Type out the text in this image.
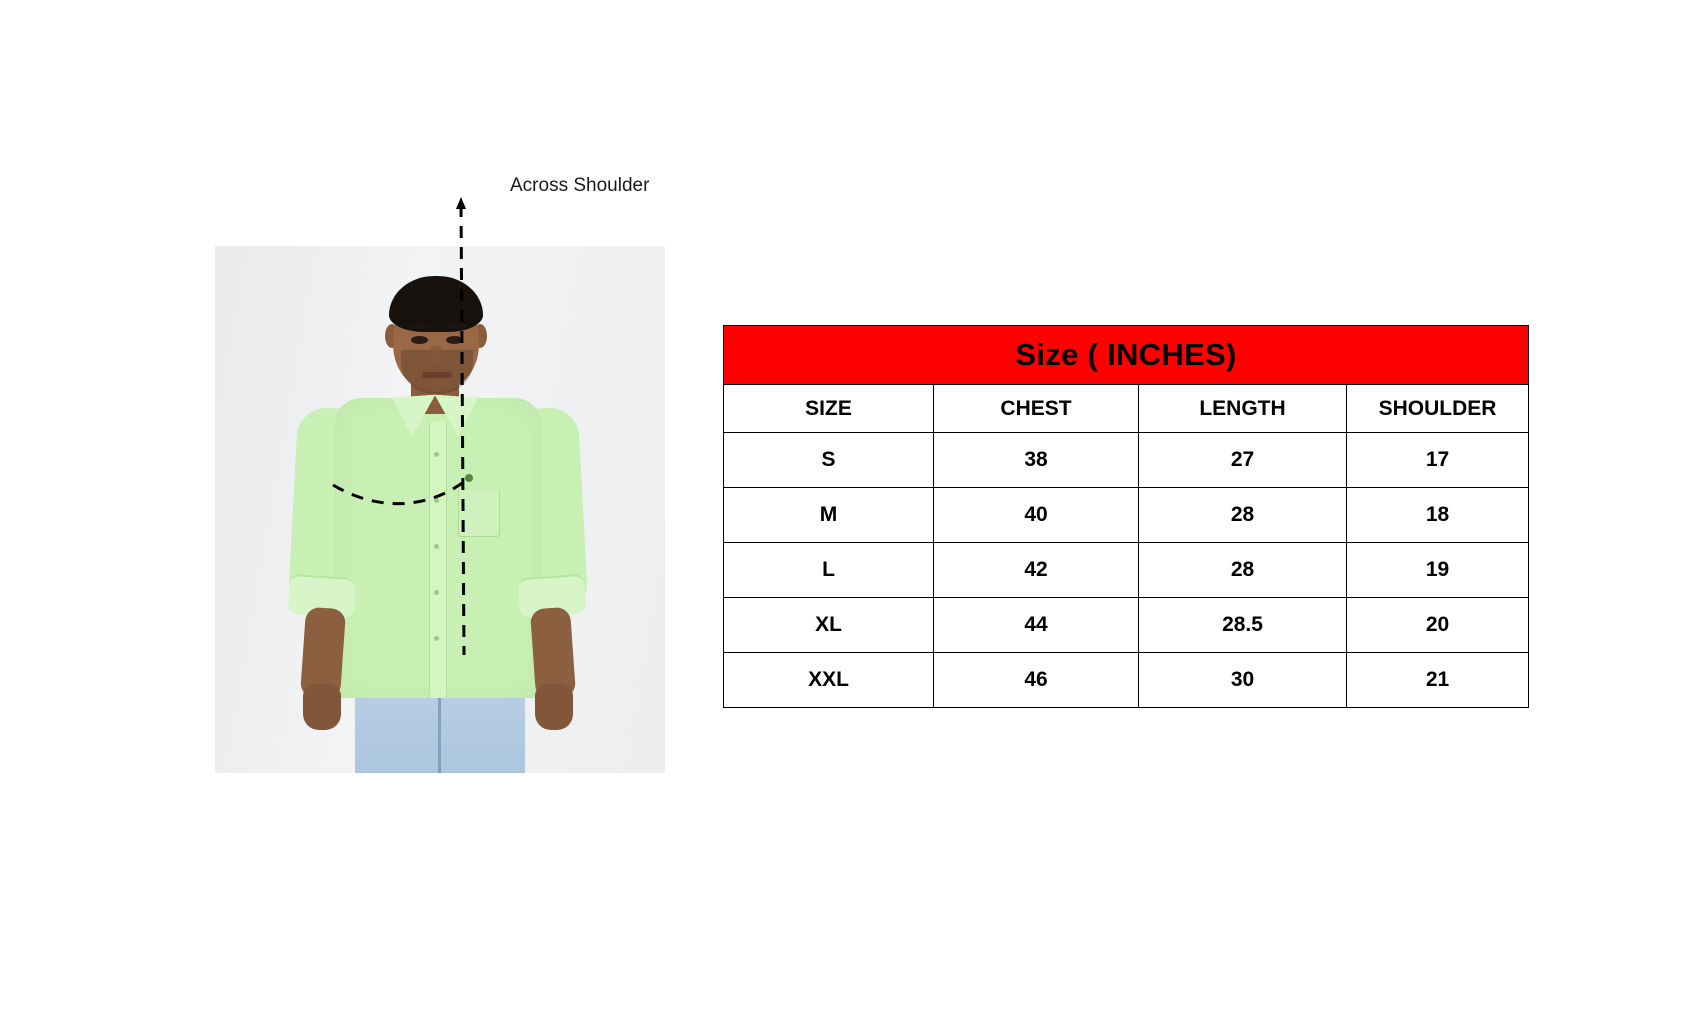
Across Shoulder
Size ( INCHES)			
SIZE	CHEST	LENGTH	SHOULDER
S	38	27	17
M	40	28	18
L	42	28	19
XL	44	28.5	20
XXL	46	30	21
